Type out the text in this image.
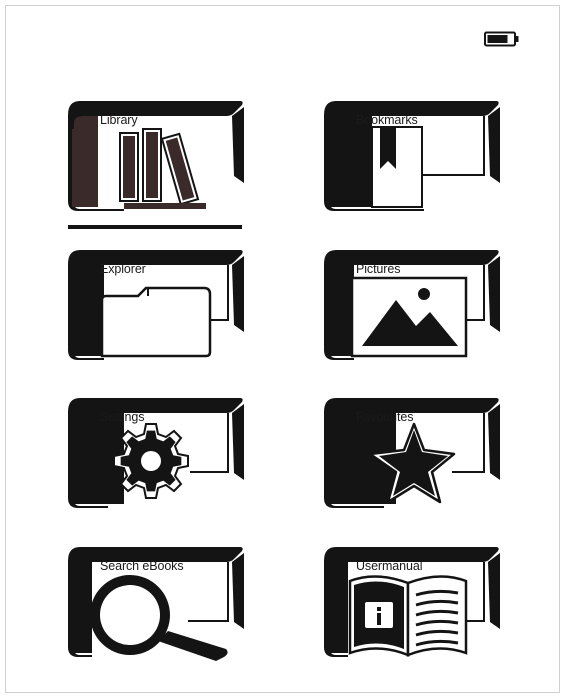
Library	Bookmarks
Explorer	Pictures
Settings	Favourites
Search eBooks	Usermanual
